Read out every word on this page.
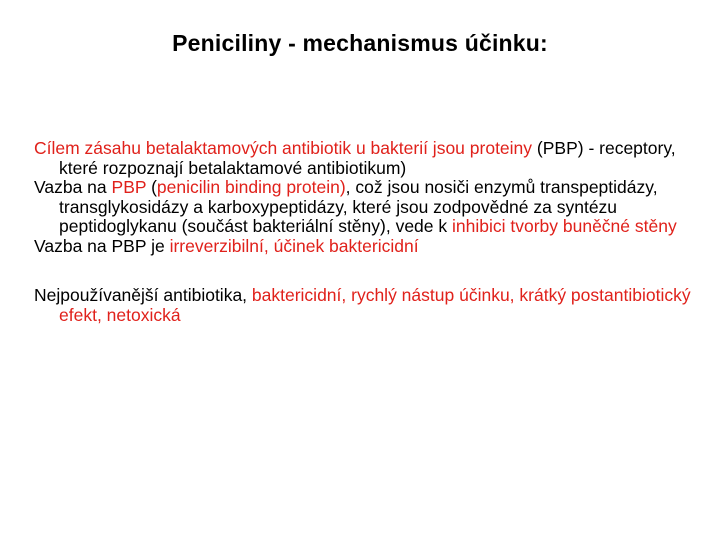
Peniciliny - mechanismus účinku:

Cílem zásahu betalaktamových antibiotik u bakterií jsou proteiny (PBP) - receptory, které rozpoznají betalaktamové antibiotikum)

Vazba na PBP (penicilin binding protein), což jsou nosiči enzymů transpeptidázy, transglykosidázy a karboxypeptidázy, které jsou zodpovědné za syntézu peptidoglykanu (součást bakteriální stěny), vede k inhibici tvorby buněčné stěny

Vazba na PBP je irreverzibilní, účinek baktericidní

Nejpoužívanější antibiotika, baktericidní, rychlý nástup účinku, krátký postantibiotický efekt, netoxická
